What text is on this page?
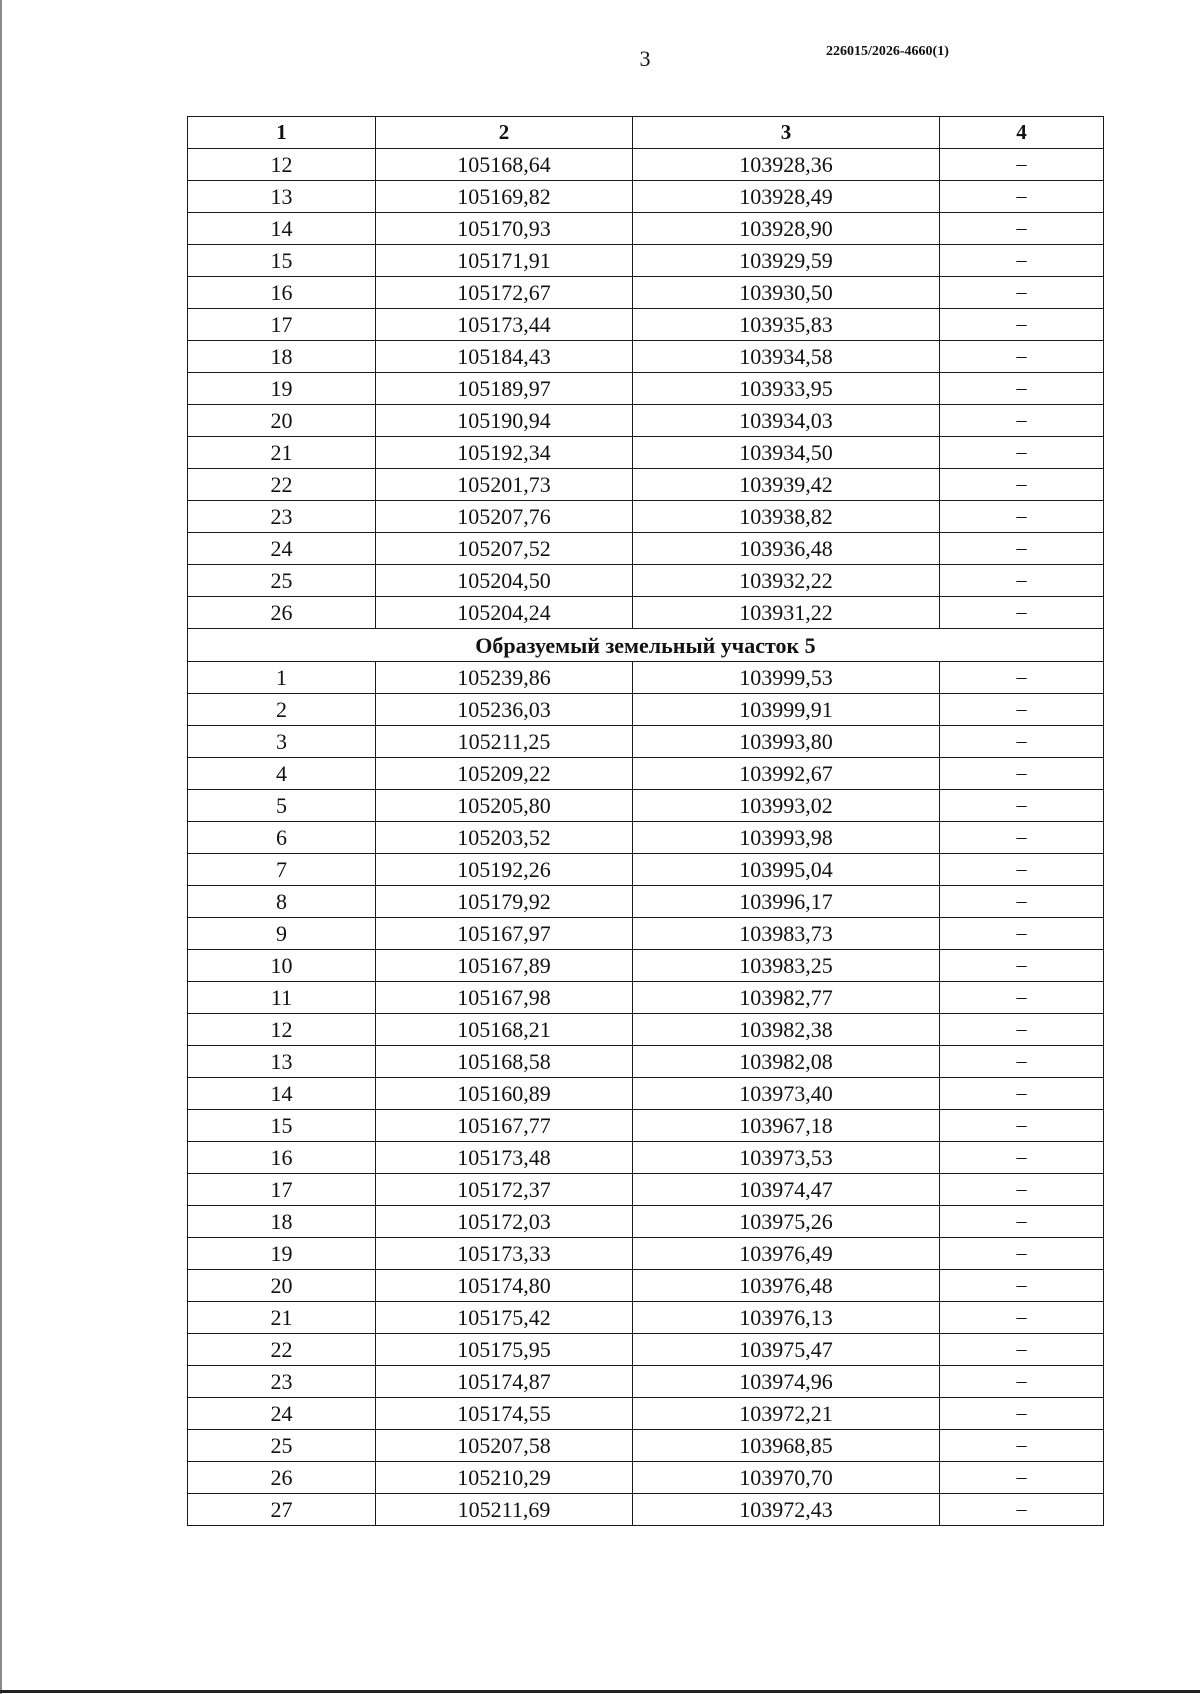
3	226015/2026-4660(1)
1	2	3	4
12	105168,64	103928,36	–
13	105169,82	103928,49	–
14	105170,93	103928,90	–
15	105171,91	103929,59	–
16	105172,67	103930,50	–
17	105173,44	103935,83	–
18	105184,43	103934,58	–
19	105189,97	103933,95	–
20	105190,94	103934,03	–
21	105192,34	103934,50	–
22	105201,73	103939,42	–
23	105207,76	103938,82	–
24	105207,52	103936,48	–
25	105204,50	103932,22	–
26	105204,24	103931,22	–
Образуемый земельный участок 5			
1	105239,86	103999,53	–
2	105236,03	103999,91	–
3	105211,25	103993,80	–
4	105209,22	103992,67	–
5	105205,80	103993,02	–
6	105203,52	103993,98	–
7	105192,26	103995,04	–
8	105179,92	103996,17	–
9	105167,97	103983,73	–
10	105167,89	103983,25	–
11	105167,98	103982,77	–
12	105168,21	103982,38	–
13	105168,58	103982,08	–
14	105160,89	103973,40	–
15	105167,77	103967,18	–
16	105173,48	103973,53	–
17	105172,37	103974,47	–
18	105172,03	103975,26	–
19	105173,33	103976,49	–
20	105174,80	103976,48	–
21	105175,42	103976,13	–
22	105175,95	103975,47	–
23	105174,87	103974,96	–
24	105174,55	103972,21	–
25	105207,58	103968,85	–
26	105210,29	103970,70	–
27	105211,69	103972,43	–
